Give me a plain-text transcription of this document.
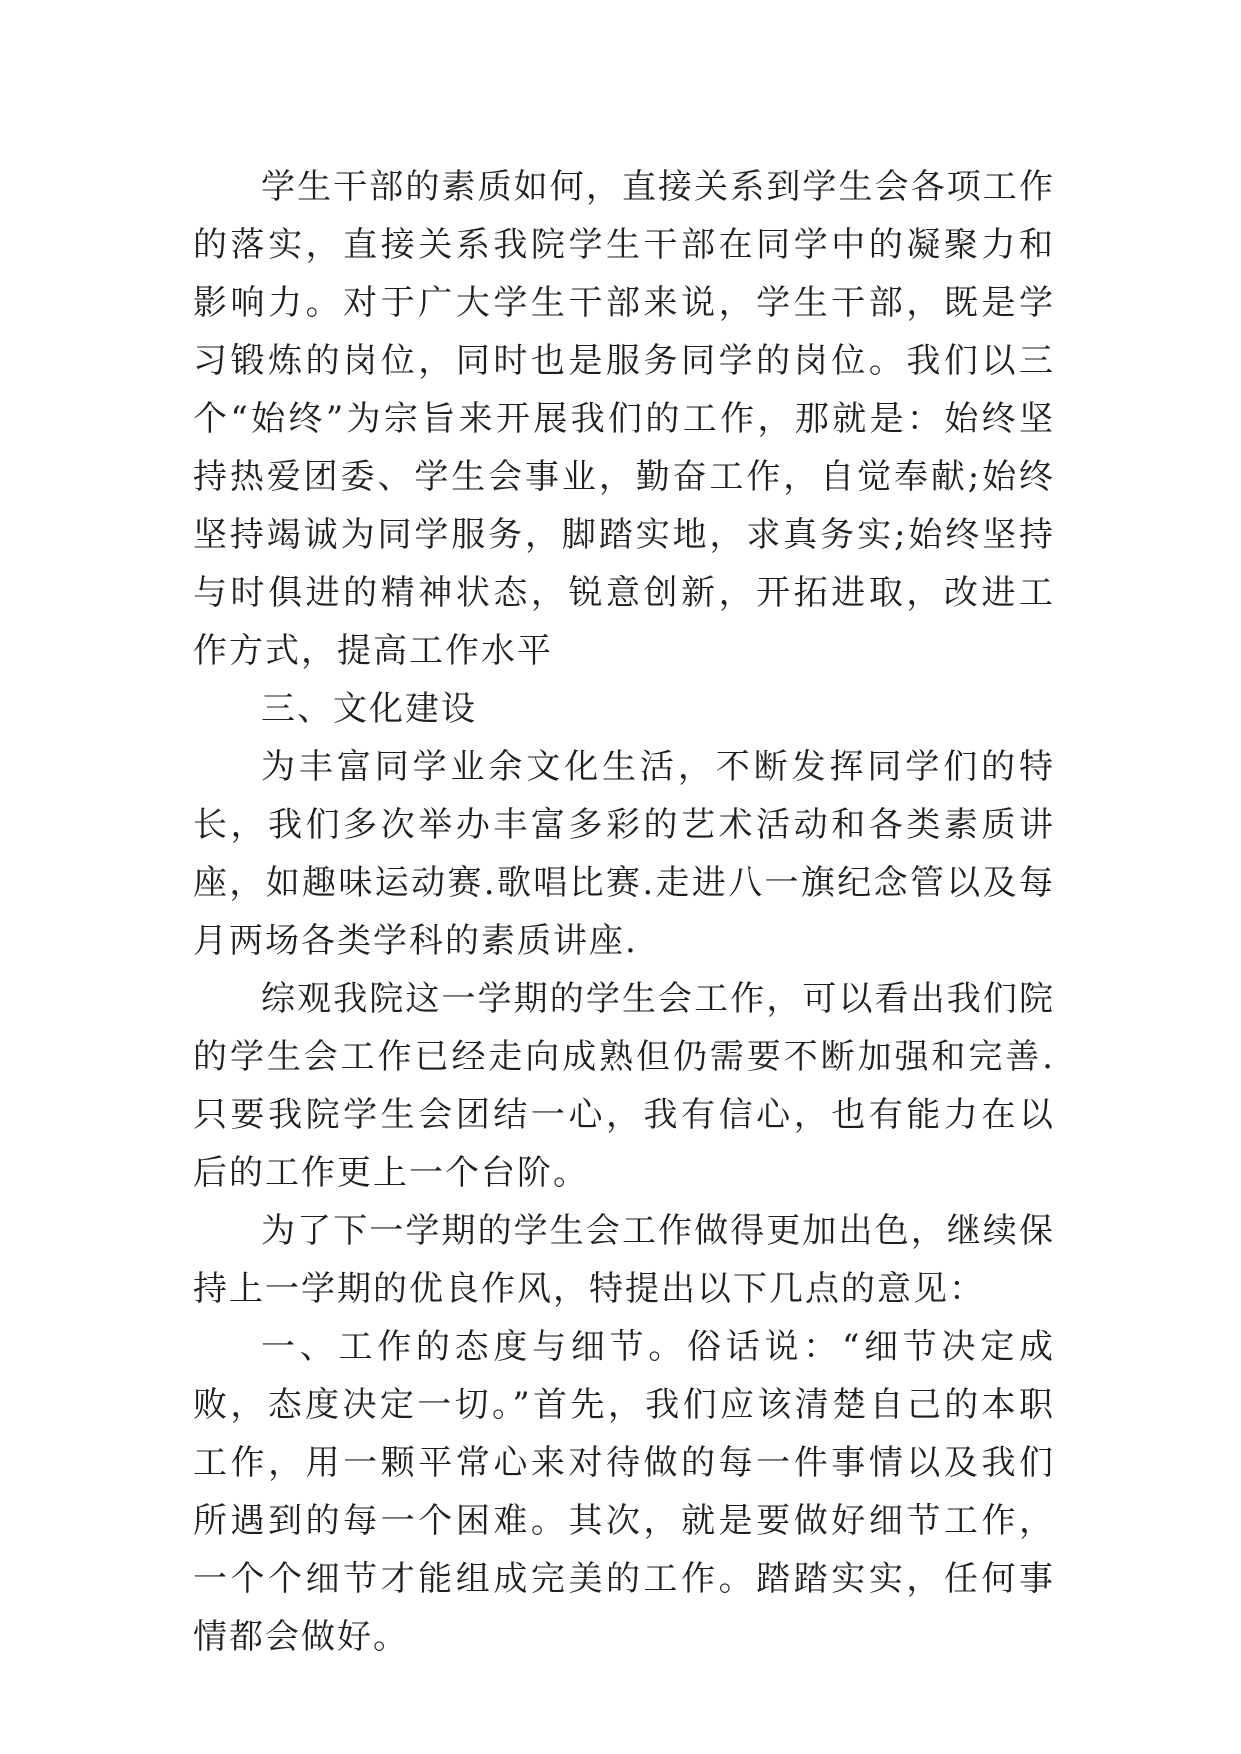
学生干部的素质如何，直接关系到学生会各项工作的落实，直接关系我院学生干部在同学中的凝聚力和影响力。对于广大学生干部来说，学生干部，既是学习锻炼的岗位，同时也是服务同学的岗位。我们以三个“始终”为宗旨来开展我们的工作，那就是：始终坚持热爱团委、学生会事业，勤奋工作，自觉奉献;始终坚持竭诚为同学服务，脚踏实地，求真务实;始终坚持与时俱进的精神状态，锐意创新，开拓进取，改进工作方式，提高工作水平

三、文化建设

为丰富同学业余文化生活，不断发挥同学们的特长，我们多次举办丰富多彩的艺术活动和各类素质讲座，如趣味运动赛.歌唱比赛.走进八一旗纪念管以及每月两场各类学科的素质讲座.

综观我院这一学期的学生会工作，可以看出我们院的学生会工作已经走向成熟但仍需要不断加强和完善. 只要我院学生会团结一心，我有信心，也有能力在以后的工作更上一个台阶。

为了下一学期的学生会工作做得更加出色，继续保持上一学期的优良作风，特提出以下几点的意见：

一、工作的态度与细节。俗话说：“细节决定成败，态度决定一切。”首先，我们应该清楚自己的本职工作，用一颗平常心来对待做的每一件事情以及我们所遇到的每一个困难。其次，就是要做好细节工作，一个个细节才能组成完美的工作。踏踏实实，任何事情都会做好。
